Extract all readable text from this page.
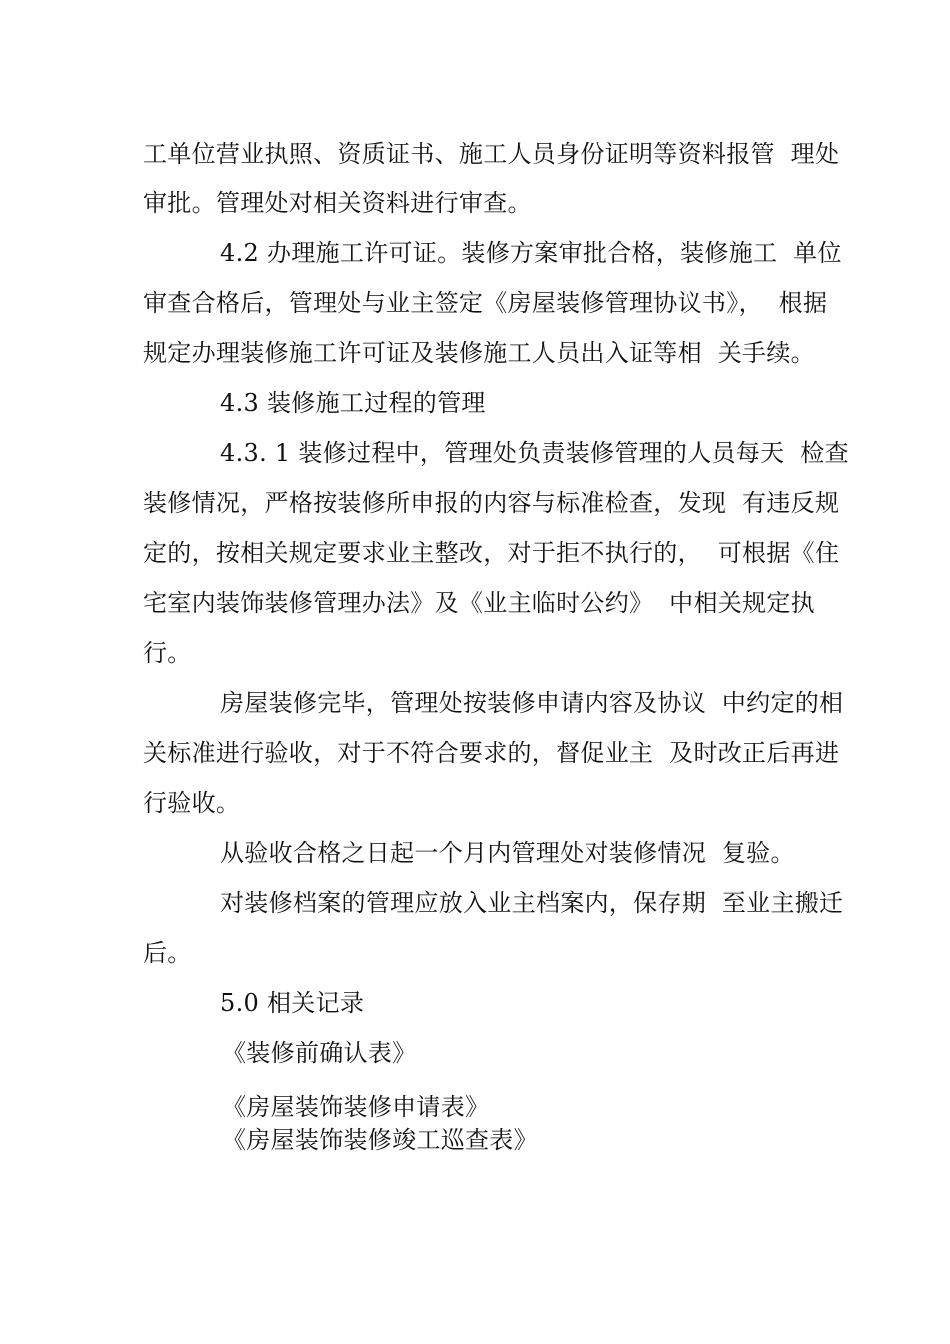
工单位营业执照、资质证书、施工人员身份证明等资料报管  理处
审批。管理处对相关资料进行审查。
4.2 办理施工许可证。装修方案审批合格，装修施工  单位
审查合格后，管理处与业主签定《房屋装修管理协议书》，  根据
规定办理装修施工许可证及装修施工人员出入证等相  关手续。
4.3 装修施工过程的管理
4.3. 1 装修过程中，管理处负责装修管理的人员每天  检查
装修情况，严格按装修所申报的内容与标准检查，发现  有违反规
定的，按相关规定要求业主整改，对于拒不执行的，  可根据《住
宅室内装饰装修管理办法》及《业主临时公约》  中相关规定执
行。
房屋装修完毕，管理处按装修申请内容及协议  中约定的相
关标准进行验收，对于不符合要求的，督促业主  及时改正后再进
行验收。
从验收合格之日起一个月内管理处对装修情况  复验。
对装修档案的管理应放入业主档案内，保存期  至业主搬迁
后。
5.0 相关记录
《装修前确认表》
《房屋装饰装修申请表》
《房屋装饰装修竣工巡查表》
